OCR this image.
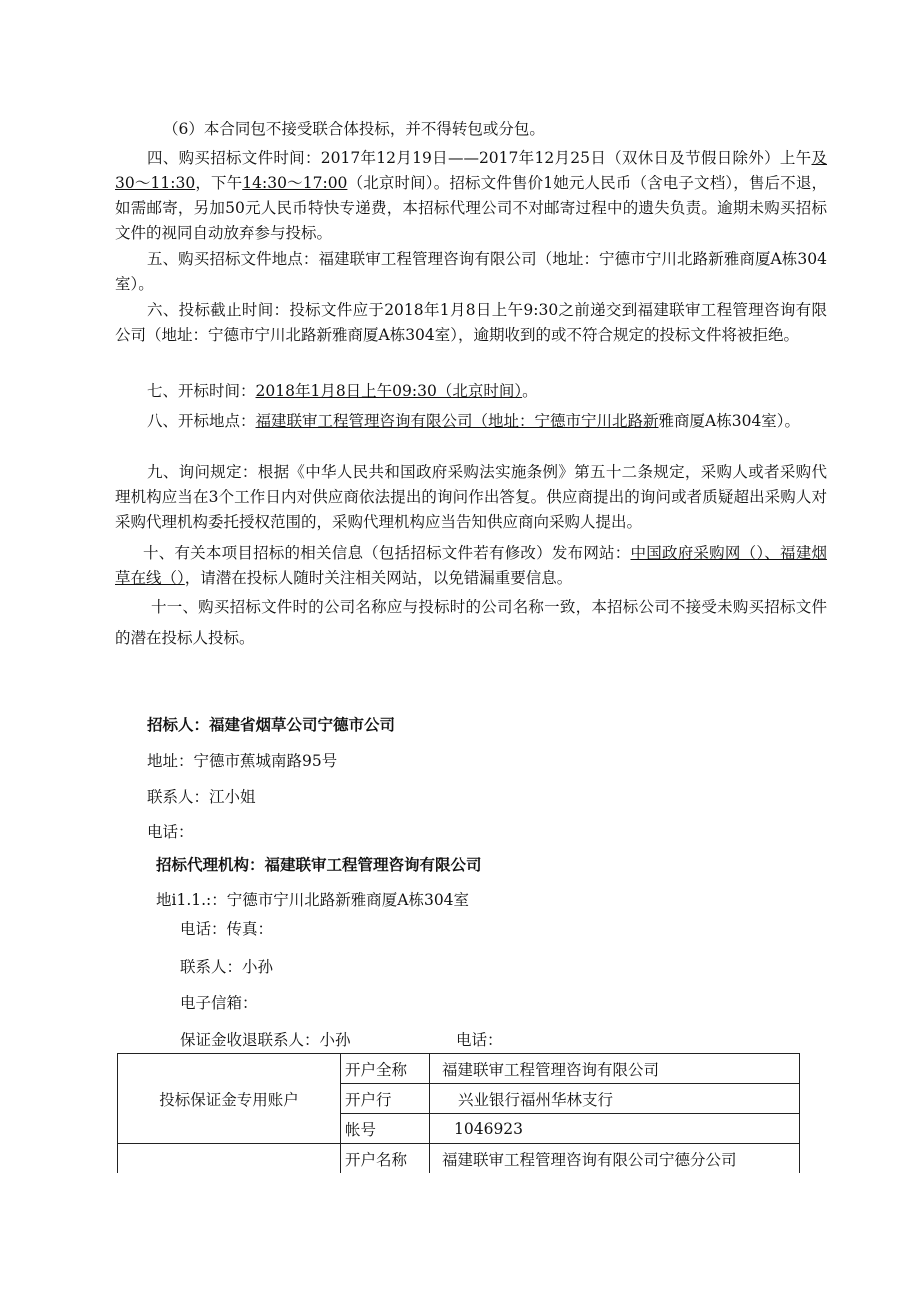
（6）本合同包不接受联合体投标，并不得转包或分包。

四、购买招标文件时间：2017年12月19日——2017年12月25日（双休日及节假日除外）上午及30～11:30，下午14:30～17:00（北京时间）。招标文件售价1她元人民币（含电子文档），售后不退，如需邮寄，另加50元人民币特快专递费，本招标代理公司不对邮寄过程中的遗失负责。逾期未购买招标文件的视同自动放弃参与投标。

五、购买招标文件地点：福建联审工程管理咨询有限公司（地址：宁德市宁川北路新雅商厦A栋304室）。

六、投标截止时间：投标文件应于2018年1月8日上午9:30之前递交到福建联审工程管理咨询有限公司（地址：宁德市宁川北路新雅商厦A栋304室），逾期收到的或不符合规定的投标文件将被拒绝。

七、开标时间：2018年1月8日上午09:30（北京时间）。

八、开标地点：福建联审工程管理咨询有限公司（地址：宁德市宁川北路新雅商厦A栋304室）。

九、询问规定：根据《中华人民共和国政府采购法实施条例》第五十二条规定，采购人或者采购代理机构应当在3个工作日内对供应商依法提出的询问作出答复。供应商提出的询问或者质疑超出采购人对采购代理机构委托授权范围的，采购代理机构应当告知供应商向采购人提出。

十、有关本项目招标的相关信息（包括招标文件若有修改）发布网站：中国政府采购网（）、福建烟草在线（），请潜在投标人随时关注相关网站，以免错漏重要信息。

十一、购买招标文件时的公司名称应与投标时的公司名称一致，本招标公司不接受未购买招标文件的潜在投标人投标。

招标人：福建省烟草公司宁德市公司

地址：宁德市蕉城南路95号

联系人：江小姐

电话：

招标代理机构：福建联审工程管理咨询有限公司

地i1.1.:：宁德市宁川北路新雅商厦A栋304室

电话：传真：

联系人：小孙

电子信箱：

保证金收退联系人：小孙	电话：

投标保证金专用账户	开户全称	福建联审工程管理咨询有限公司
	开户行	兴业银行福州华林支行
	帐号	1046923
	开户名称	福建联审工程管理咨询有限公司宁德分公司
